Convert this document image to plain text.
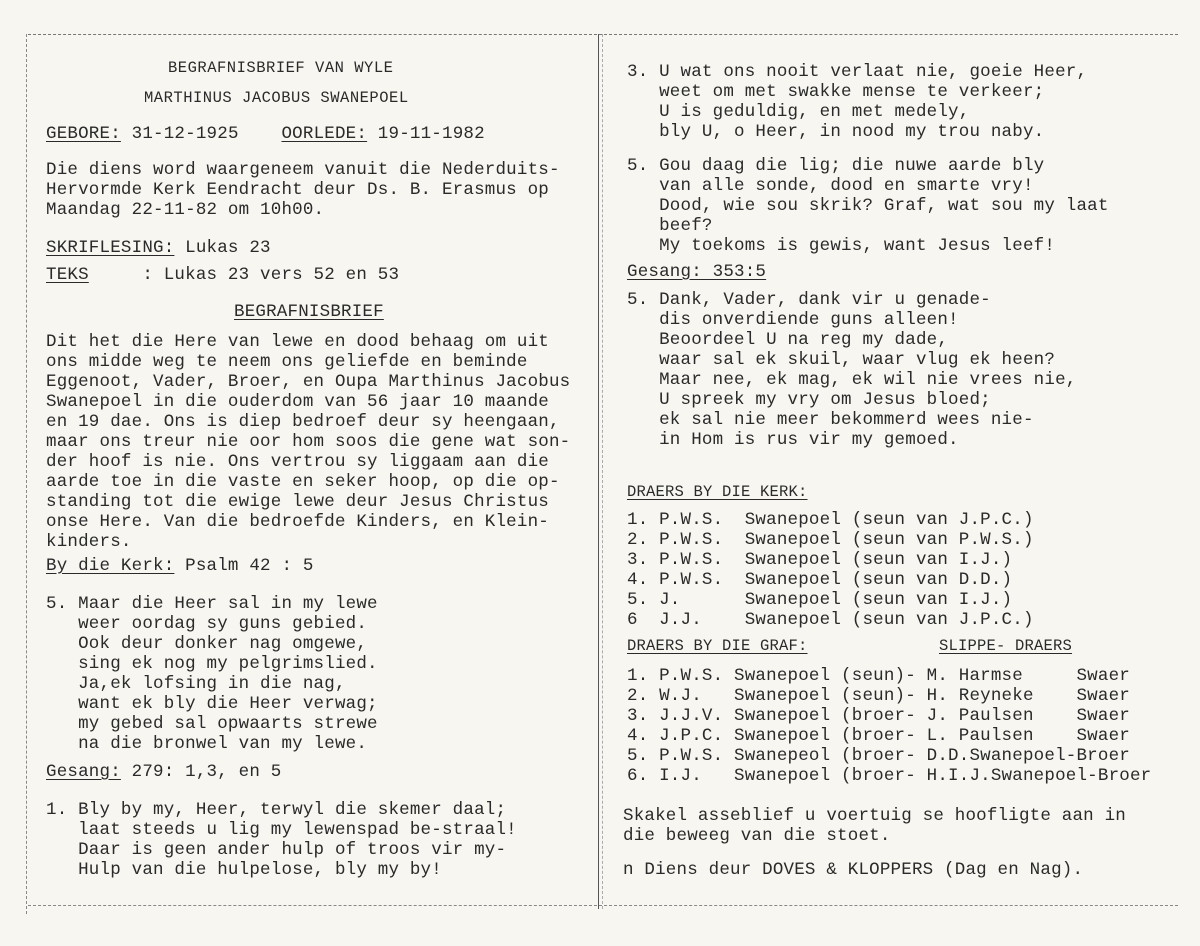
BEGRAFNISBRIEF VAN WYLE
MARTHINUS JACOBUS SWANEPOEL
GEBORE: 31-12-1925 OORLEDE: 19-11-1982
Die diens word waargeneem vanuit die Nederduits-
Hervormde Kerk Eendracht deur Ds. B. Erasmus op
Maandag 22-11-82 om 10h00.
SKRIFLESING: Lukas 23
TEKS     : Lukas 23 vers 52 en 53
BEGRAFNISBRIEF
Dit het die Here van lewe en dood behaag om uit
ons midde weg te neem ons geliefde en beminde
Eggenoot, Vader, Broer, en Oupa Marthinus Jacobus
Swanepoel in die ouderdom van 56 jaar 10 maande
en 19 dae. Ons is diep bedroef deur sy heengaan,
maar ons treur nie oor hom soos die gene wat son-
der hoof is nie. Ons vertrou sy liggaam aan die
aarde toe in die vaste en seker hoop, op die op-
standing tot die ewige lewe deur Jesus Christus
onse Here. Van die bedroefde Kinders, en Klein-
kinders.
By die Kerk: Psalm 42 : 5
5. Maar die Heer sal in my lewe
weer oordag sy guns gebied.
Ook deur donker nag omgewe,
sing ek nog my pelgrimslied.
Ja,ek lofsing in die nag,
want ek bly die Heer verwag;
my gebed sal opwaarts strewe
na die bronwel van my lewe.
Gesang: 279: 1,3, en 5
1. Bly by my, Heer, terwyl die skemer daal;
laat steeds u lig my lewenspad be-straal!
Daar is geen ander hulp of troos vir my-
Hulp van die hulpelose, bly my by!
3. U wat ons nooit verlaat nie, goeie Heer,
weet om met swakke mense te verkeer;
U is geduldig, en met medely,
bly U, o Heer, in nood my trou naby.
5. Gou daag die lig; die nuwe aarde bly
van alle sonde, dood en smarte vry!
Dood, wie sou skrik? Graf, wat sou my laat
beef?
My toekoms is gewis, want Jesus leef!
Gesang: 353:5
5. Dank, Vader, dank vir u genade-
dis onverdiende guns alleen!
Beoordeel U na reg my dade,
waar sal ek skuil, waar vlug ek heen?
Maar nee, ek mag, ek wil nie vrees nie,
U spreek my vry om Jesus bloed;
ek sal nie meer bekommerd wees nie-
in Hom is rus vir my gemoed.
DRAERS BY DIE KERK:
1. P.W.S.  Swanepoel (seun van J.P.C.)
2. P.W.S.  Swanepoel (seun van P.W.S.)
3. P.W.S.  Swanepoel (seun van I.J.)
4. P.W.S.  Swanepoel (seun van D.D.)
5. J.      Swanepoel (seun van I.J.)
6  J.J.    Swanepoel (seun van J.P.C.)
DRAERS BY DIE GRAF:	SLIPPE- DRAERS
1. P.W.S. Swanepoel (seun)- M. Harmse     Swaer
2. W.J.   Swanepoel (seun)- H. Reyneke    Swaer
3. J.J.V. Swanepoel (broer- J. Paulsen    Swaer
4. J.P.C. Swanepoel (broer- L. Paulsen    Swaer
5. P.W.S. Swanepeol (broer- D.D.Swanepoel-Broer
6. I.J.   Swanepoel (broer- H.I.J.Swanepoel-Broer
Skakel asseblief u voertuig se hoofligte aan in
die beweeg van die stoet.
n Diens deur DOVES & KLOPPERS (Dag en Nag).
